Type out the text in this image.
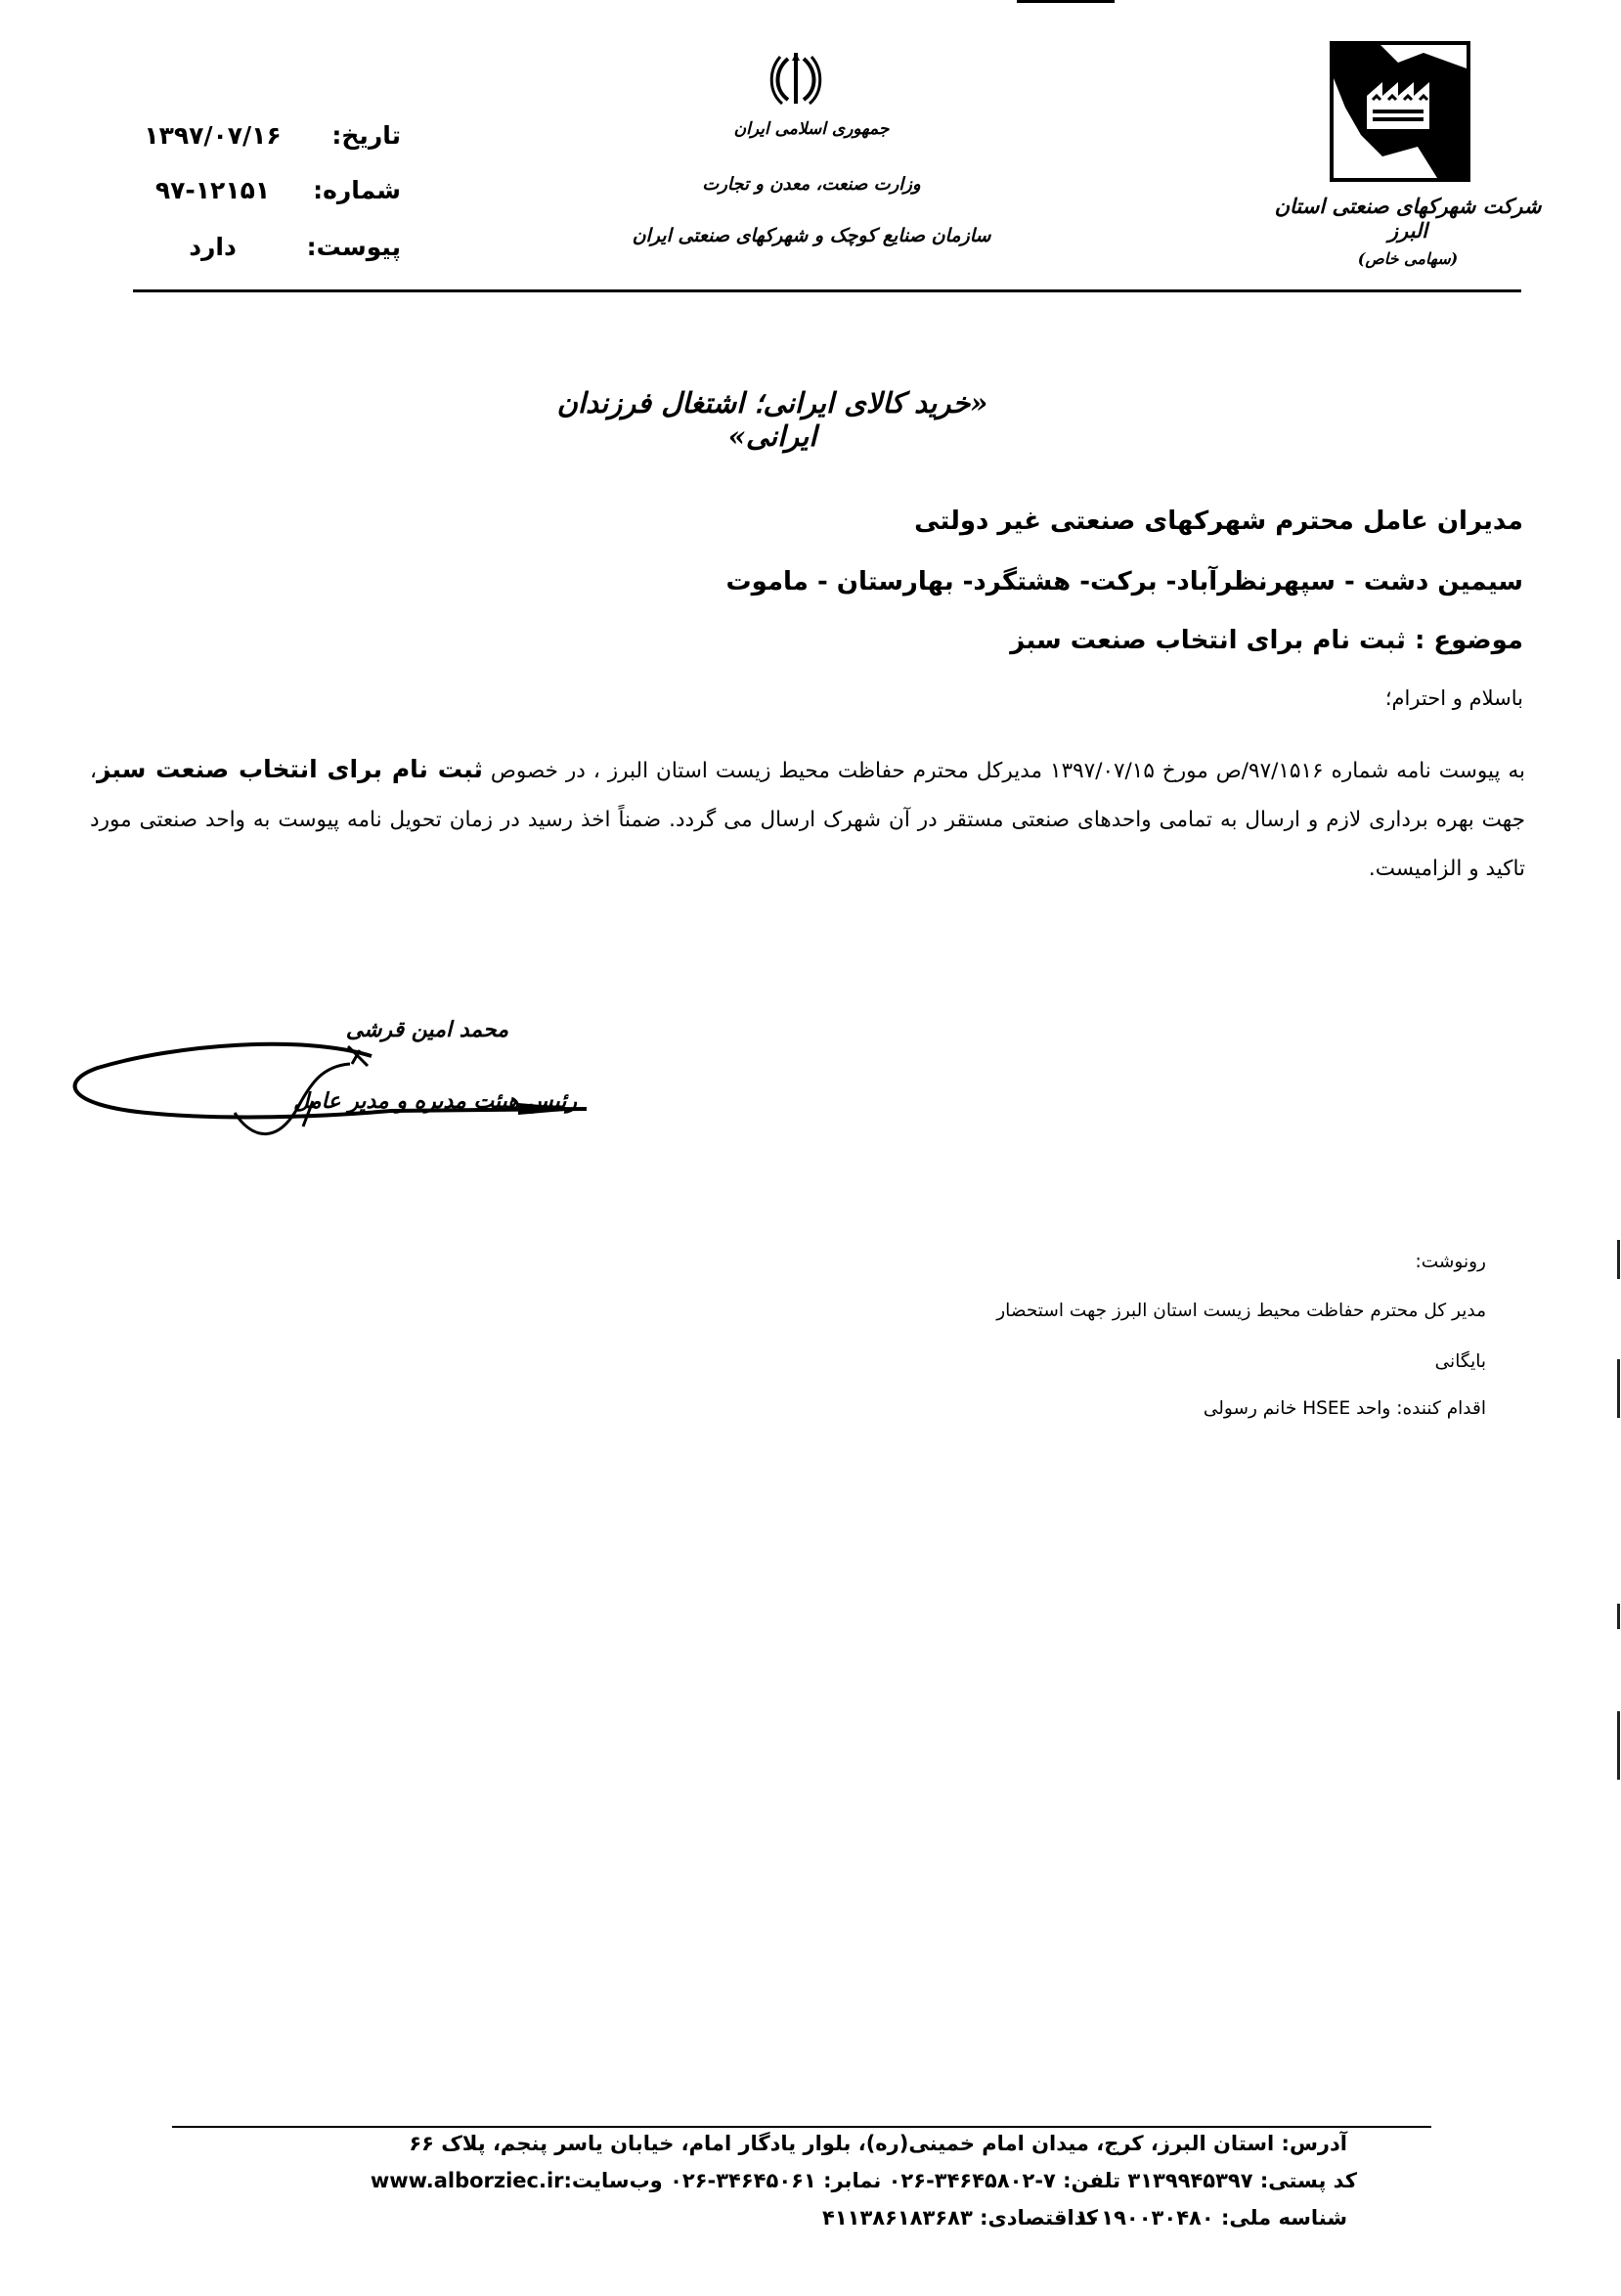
تاریخ:
۱۳۹۷/۰۷/۱۶
شماره:
۹۷-۱۲۱۵۱
پیوست:
دارد
جمهوری اسلامی ایران
وزارت صنعت، معدن و تجارت
سازمان صنایع کوچک و شهرکهای صنعتی ایران
شرکت شهرکهای صنعتی استان البرز
(سهامی خاص)
«خرید کالای ایرانی؛ اشتغال فرزندان ایرانی»
مدیران عامل محترم شهرکهای صنعتی غیر دولتی
سیمین دشت - سپهرنظرآباد- برکت- هشتگرد- بهارستان - ماموت
موضوع : ثبت نام برای انتخاب صنعت سبز
باسلام و احترام؛
به پیوست نامه شماره ۹۷/۱۵۱۶/ص مورخ ۱۳۹۷/۰۷/۱۵ مدیرکل محترم حفاظت محیط زیست استان البرز ، در خصوص ثبت نام برای انتخاب صنعت سبز، جهت بهره برداری لازم و ارسال به تمامی واحدهای صنعتی مستقر در آن شهرک ارسال می گردد. ضمناً اخذ رسید در زمان تحویل نامه پیوست به واحد صنعتی مورد تاکید و الزامیست.
محمد امین قرشی
رئیس هیئت مدیره و مدیر عامل
رونوشت:
مدیر کل محترم حفاظت محیط زیست استان البرز جهت استحضار
بایگانی
اقدام کننده: واحد HSEE خانم رسولی
آدرس: استان البرز، کرج، میدان امام خمینی(ره)، بلوار یادگار امام، خیابان یاسر پنجم، پلاک ۶۶
کد پستی: ۳۱۳۹۹۴۵۳۹۷ تلفن: ۷-۳۴۶۴۵۸۰۲-۰۲۶ نمابر: ۳۴۶۴۵۰۶۱-۰۲۶ وب‌سایت:www.alborziec.ir
شناسه ملی: ۱۰۱۹۰۰۳۰۴۸۰
کداقتصادی: ۴۱۱۳۸۶۱۸۳۶۸۳
